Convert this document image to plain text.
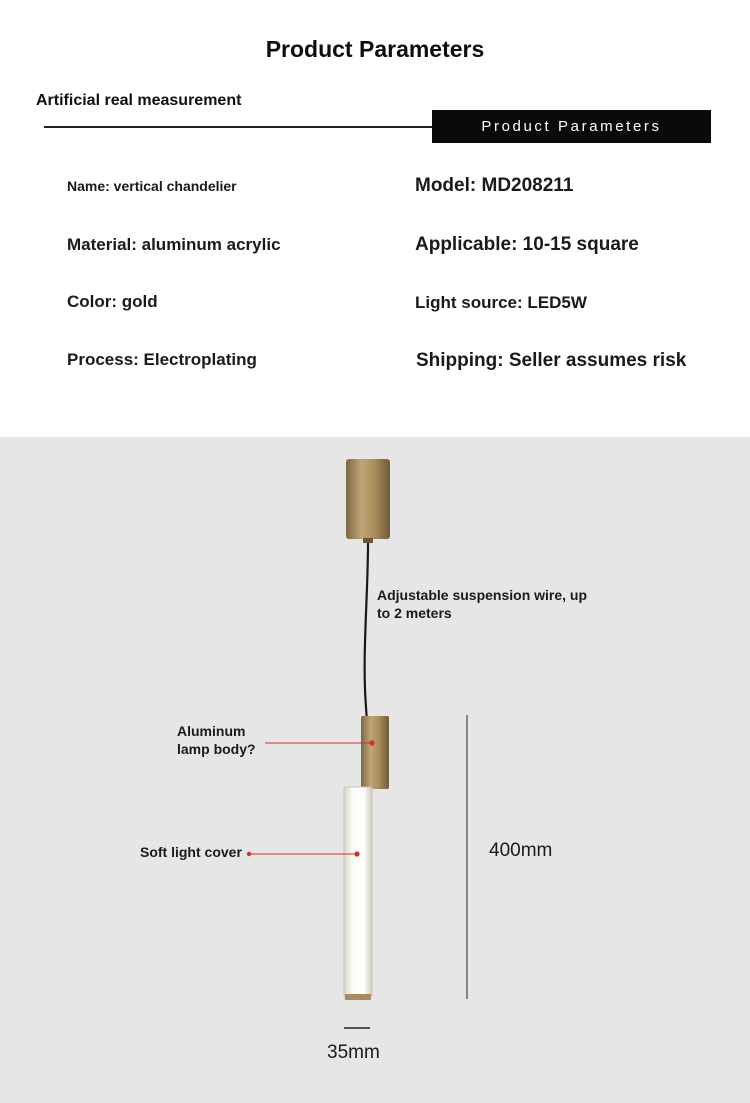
Product Parameters
Artificial real measurement
Product Parameters
Name: vertical chandelier	Model: MD208211
Material: aluminum acrylic	Applicable: 10-15 square
Color: gold	Light source: LED5W
Process: Electroplating	Shipping: Seller assumes risk
Adjustable suspension wire, up
to 2 meters
Aluminum
lamp body?
Soft light cover	400mm
35mm
